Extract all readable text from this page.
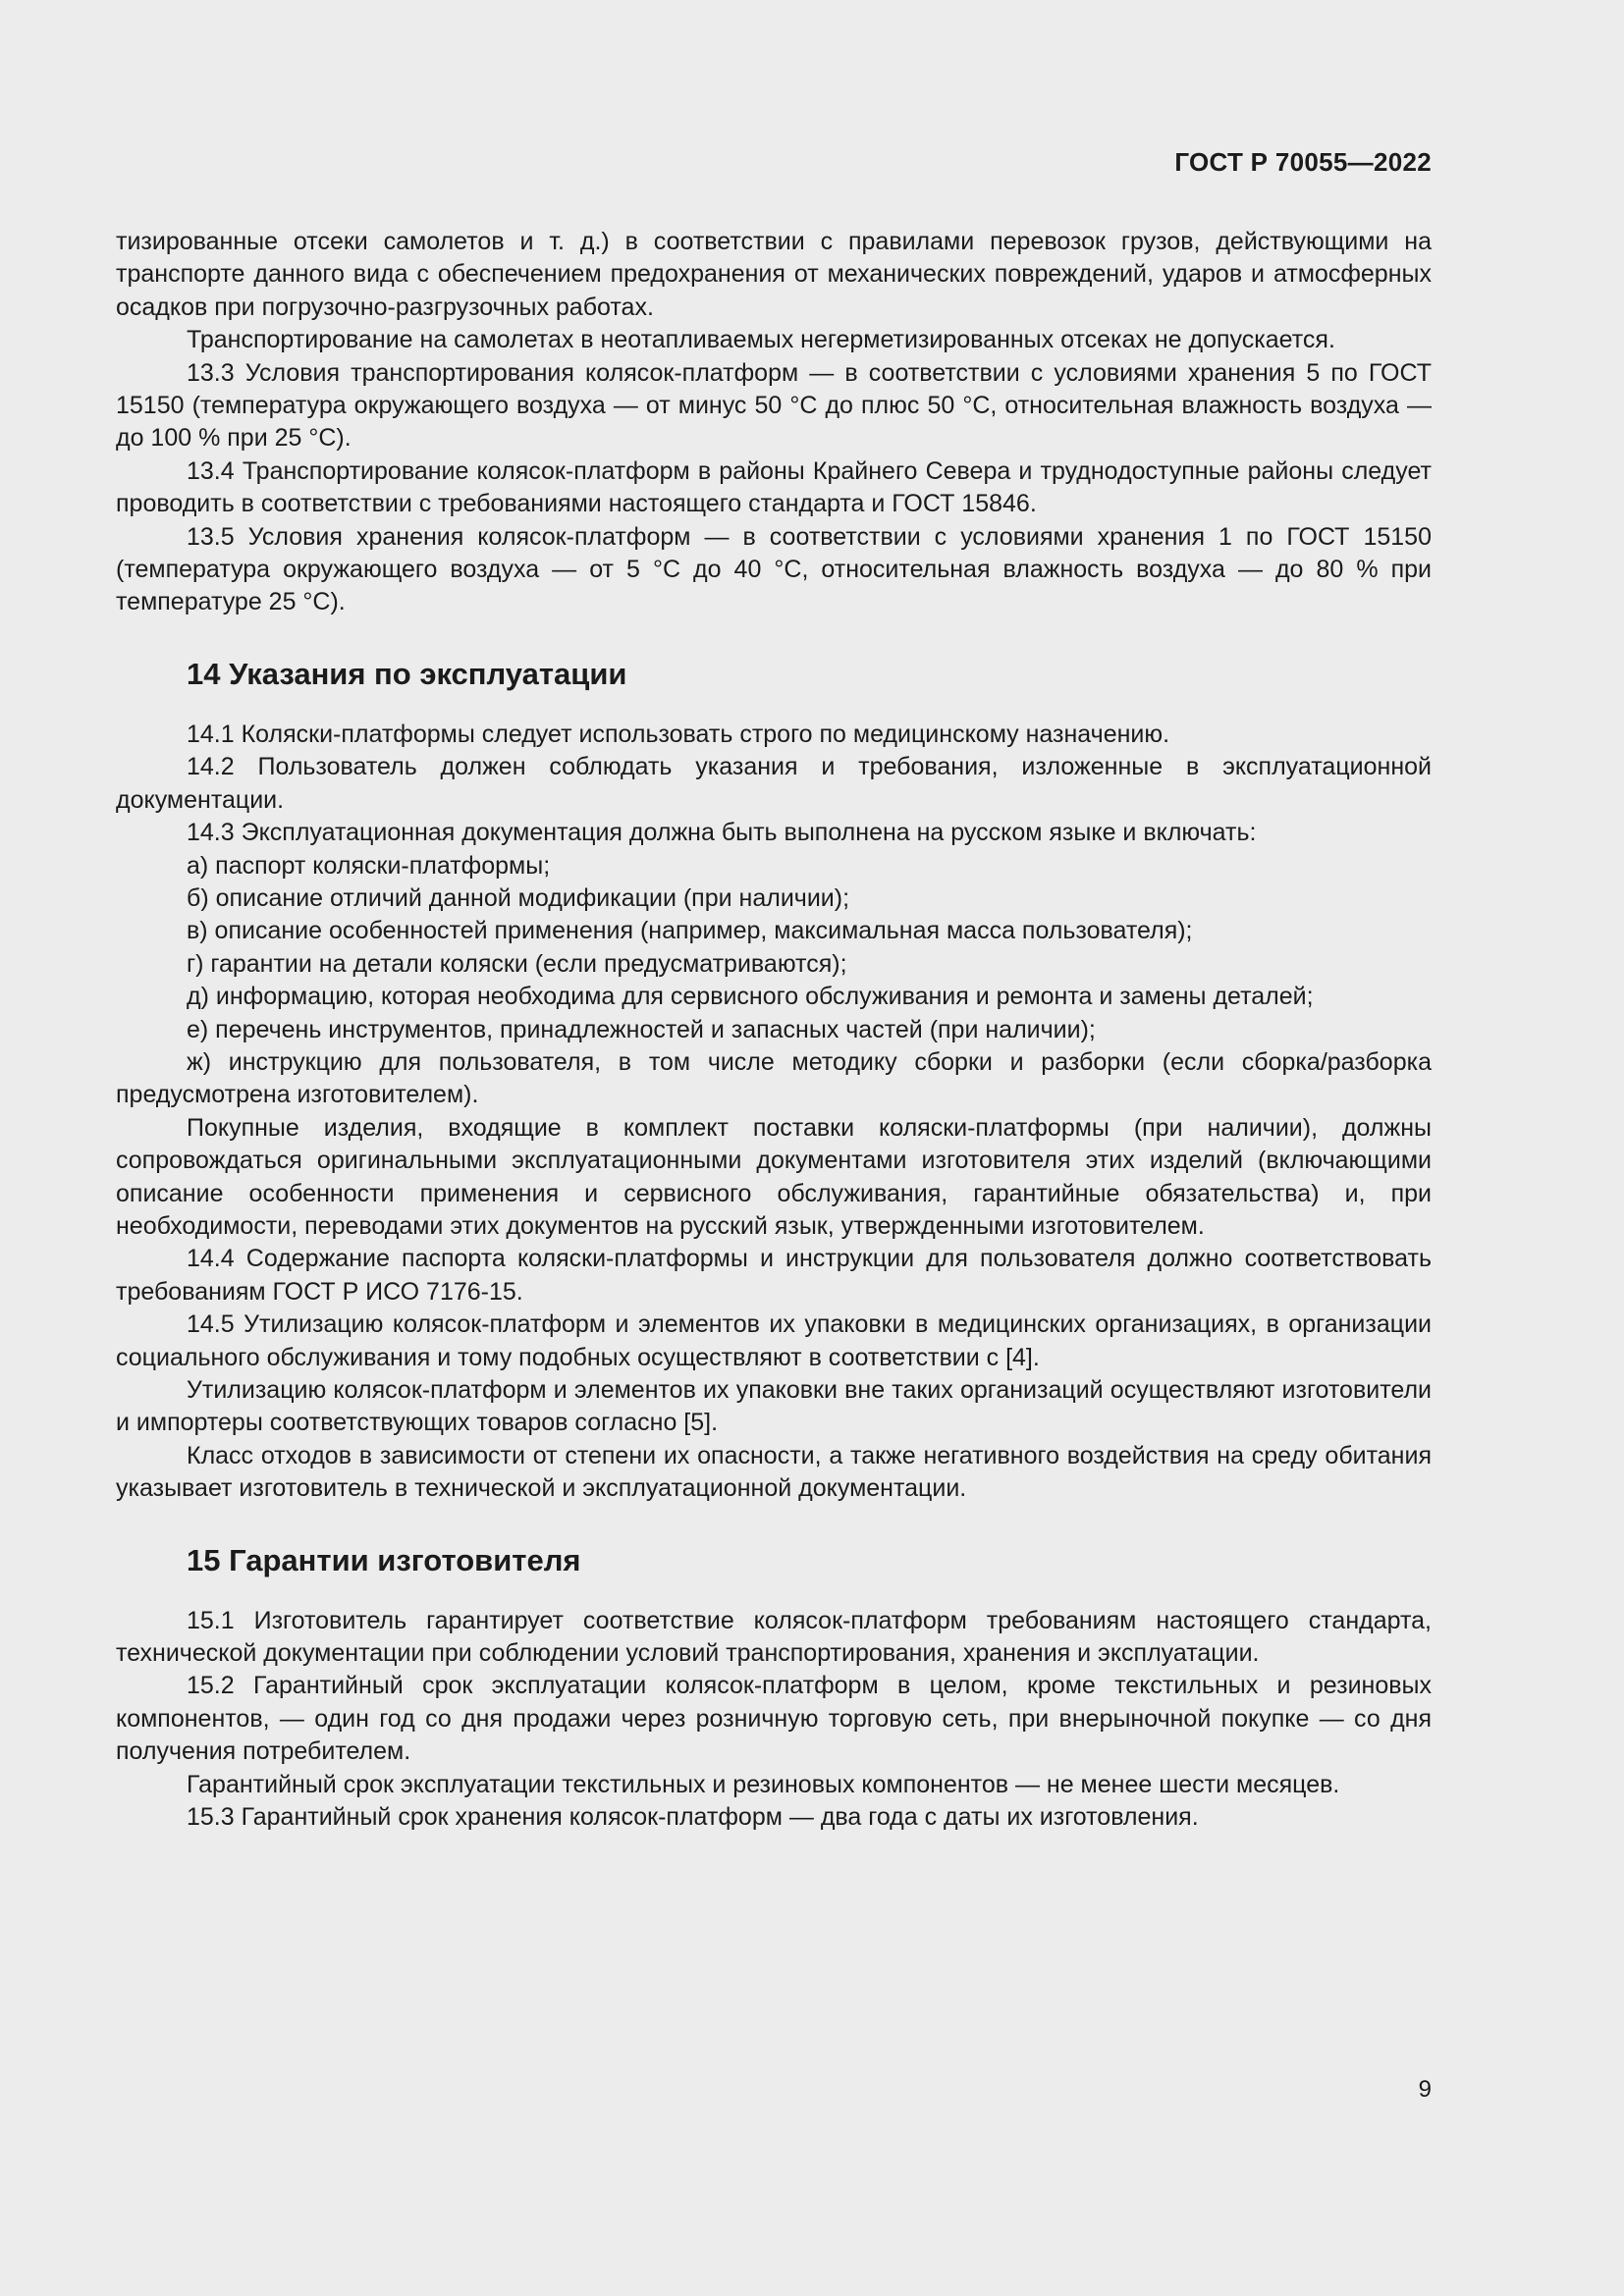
ГОСТ Р 70055—2022

тизированные отсеки самолетов и т. д.) в соответствии с правилами перевозок грузов, действующими на транспорте данного вида с обеспечением предохранения от механических повреждений, ударов и атмосферных осадков при погрузочно-разгрузочных работах.

Транспортирование на самолетах в неотапливаемых негерметизированных отсеках не допускается.

13.3 Условия транспортирования колясок-платформ — в соответствии с условиями хранения 5 по ГОСТ 15150 (температура окружающего воздуха — от минус 50 °С до плюс 50 °С, относительная влажность воздуха — до 100 % при 25 °С).

13.4 Транспортирование колясок-платформ в районы Крайнего Севера и труднодоступные районы следует проводить в соответствии с требованиями настоящего стандарта и ГОСТ 15846.

13.5 Условия хранения колясок-платформ — в соответствии с условиями хранения 1 по ГОСТ 15150 (температура окружающего воздуха — от 5 °С до 40 °С, относительная влажность воздуха — до 80 % при температуре 25 °С).

14 Указания по эксплуатации

14.1 Коляски-платформы следует использовать строго по медицинскому назначению.

14.2 Пользователь должен соблюдать указания и требования, изложенные в эксплуатационной документации.

14.3 Эксплуатационная документация должна быть выполнена на русском языке и включать:

а) паспорт коляски-платформы;

б) описание отличий данной модификации (при наличии);

в) описание особенностей применения (например, максимальная масса пользователя);

г) гарантии на детали коляски (если предусматриваются);

д) информацию, которая необходима для сервисного обслуживания и ремонта и замены деталей;

е) перечень инструментов, принадлежностей и запасных частей (при наличии);

ж) инструкцию для пользователя, в том числе методику сборки и разборки (если сборка/разборка предусмотрена изготовителем).

Покупные изделия, входящие в комплект поставки коляски-платформы (при наличии), должны сопровождаться оригинальными эксплуатационными документами изготовителя этих изделий (включающими описание особенности применения и сервисного обслуживания, гарантийные обязательства) и, при необходимости, переводами этих документов на русский язык, утвержденными изготовителем.

14.4 Содержание паспорта коляски-платформы и инструкции для пользователя должно соответствовать требованиям ГОСТ Р ИСО 7176-15.

14.5 Утилизацию колясок-платформ и элементов их упаковки в медицинских организациях, в организации социального обслуживания и тому подобных осуществляют в соответствии с [4].

Утилизацию колясок-платформ и элементов их упаковки вне таких организаций осуществляют изготовители и импортеры соответствующих товаров согласно [5].

Класс отходов в зависимости от степени их опасности, а также негативного воздействия на среду обитания указывает изготовитель в технической и эксплуатационной документации.

15 Гарантии изготовителя

15.1 Изготовитель гарантирует соответствие колясок-платформ требованиям настоящего стандарта, технической документации при соблюдении условий транспортирования, хранения и эксплуатации.

15.2 Гарантийный срок эксплуатации колясок-платформ в целом, кроме текстильных и резиновых компонентов, — один год со дня продажи через розничную торговую сеть, при внерыночной покупке — со дня получения потребителем.

Гарантийный срок эксплуатации текстильных и резиновых компонентов — не менее шести месяцев.

15.3 Гарантийный срок хранения колясок-платформ — два года с даты их изготовления.

9
